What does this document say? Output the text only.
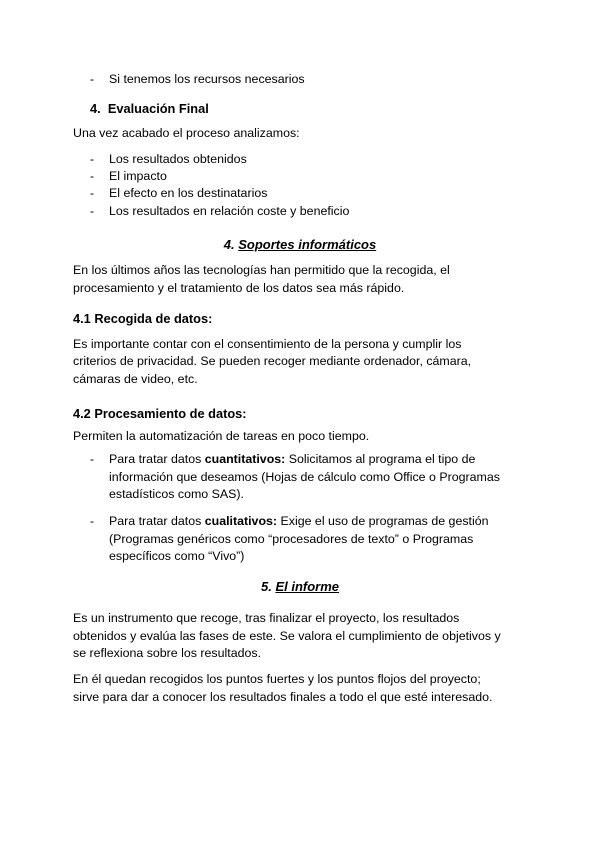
- Si tenemos los recursos necesarios
4. Evaluación Final
Una vez acabado el proceso analizamos:
- Los resultados obtenidos
- El impacto
- El efecto en los destinatarios
- Los resultados en relación coste y beneficio
4. Soportes informáticos
En los últimos años las tecnologías han permitido que la recogida, el
procesamiento y el tratamiento de los datos sea más rápido.
4.1 Recogida de datos:
Es importante contar con el consentimiento de la persona y cumplir los
criterios de privacidad. Se pueden recoger mediante ordenador, cámara,
cámaras de video, etc.
4.2 Procesamiento de datos:
Permiten la automatización de tareas en poco tiempo.
- Para tratar datos cuantitativos: Solicitamos al programa el tipo de
información que deseamos (Hojas de cálculo como Office o Programas
estadísticos como SAS).
- Para tratar datos cualitativos: Exige el uso de programas de gestión
(Programas genéricos como “procesadores de texto” o Programas
específicos como “Vivo”)
5. El informe
Es un instrumento que recoge, tras finalizar el proyecto, los resultados
obtenidos y evalúa las fases de este. Se valora el cumplimiento de objetivos y
se reflexiona sobre los resultados.
En él quedan recogidos los puntos fuertes y los puntos flojos del proyecto;
sirve para dar a conocer los resultados finales a todo el que esté interesado.
